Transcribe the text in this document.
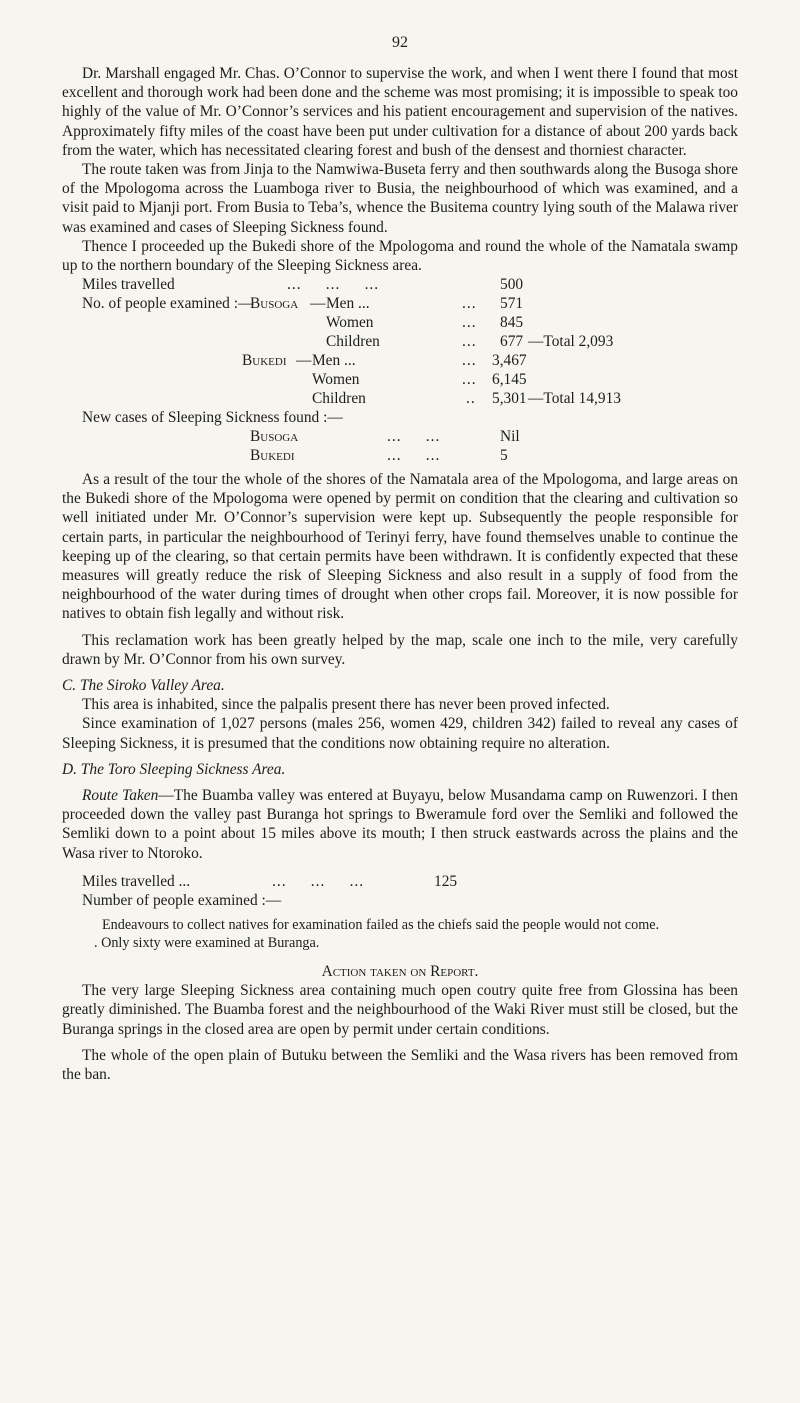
92

Dr. Marshall engaged Mr. Chas. O’Connor to supervise the work, and when I went there I found that most excellent and thorough work had been done and the scheme was most promising; it is impossible to speak too highly of the value of Mr. O’Connor’s services and his patient encouragement and supervision of the natives. Approximately fifty miles of the coast have been put under cultivation for a distance of about 200 yards back from the water, which has necessitated clearing forest and bush of the densest and thorniest character.

The route taken was from Jinja to the Namwiwa-Buseta ferry and then southwards along the Busoga shore of the Mpologoma across the Luamboga river to Busia, the neighbourhood of which was examined, and a visit paid to Mjanji port. From Busia to Teba’s, whence the Busitema country lying south of the Malawa river was examined and cases of Sleeping Sickness found.

Thence I proceeded up the Bukedi shore of the Mpologoma and round the whole of the Namatala swamp up to the northern boundary of the Sleeping Sickness area.

Miles travelled	...     ...     ...	500
No. of people examined :—
Busoga — Men ...	... 571
Women	... 845
Children	... 677 —Total 2,093
Bukedi — Men ...	... 3,467
Women	... 6,145
Children	.. 5,301 —Total 14,913
New cases of Sleeping Sickness found :—
Busoga	...     ...	Nil
Bukedi	...     ...	5

As a result of the tour the whole of the shores of the Namatala area of the Mpologoma, and large areas on the Bukedi shore of the Mpologoma were opened by permit on condition that the clearing and cultivation so well initiated under Mr. O’Connor’s supervision were kept up. Subsequently the people responsible for certain parts, in particular the neighbourhood of Terinyi ferry, have found themselves unable to continue the keeping up of the clearing, so that certain permits have been withdrawn. It is confidently expected that these measures will greatly reduce the risk of Sleeping Sickness and also result in a supply of food from the neighbourhood of the water during times of drought when other crops fail. Moreover, it is now possible for natives to obtain fish legally and without risk.

This reclamation work has been greatly helped by the map, scale one inch to the mile, very carefully drawn by Mr. O’Connor from his own survey.

C. The Siroko Valley Area.

This area is inhabited, since the palpalis present there has never been proved infected.

Since examination of 1,027 persons (males 256, women 429, children 342) failed to reveal any cases of Sleeping Sickness, it is presumed that the conditions now obtaining require no alteration.

D. The Toro Sleeping Sickness Area.

Route Taken—The Buamba valley was entered at Buyayu, below Musandama camp on Ruwenzori. I then proceeded down the valley past Buranga hot springs to Bweramule ford over the Semliki and followed the Semliki down to a point about 15 miles above its mouth; I then struck eastwards across the plains and the Wasa river to Ntoroko.

Miles travelled ...	...     ...     ...	125
Number of people examined :—

Endeavours to collect natives for examination failed as the chiefs said the people would not come.

. Only sixty were examined at Buranga.

Action taken on Report.

The very large Sleeping Sickness area containing much open coutry quite free from Glossina has been greatly diminished. The Buamba forest and the neighbourhood of the Waki River must still be closed, but the Buranga springs in the closed area are open by permit under certain conditions.

The whole of the open plain of Butuku between the Semliki and the Wasa rivers has been removed from the ban.
